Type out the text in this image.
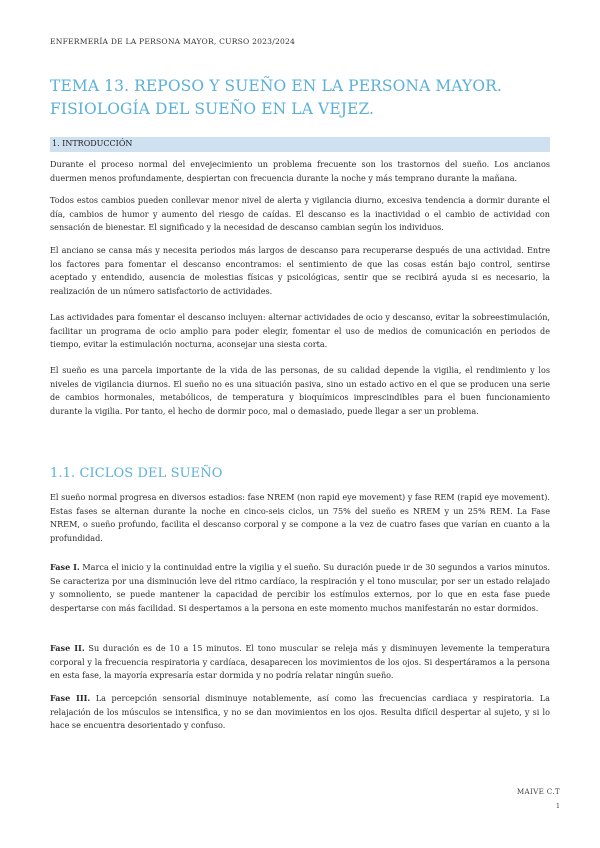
ENFERMERÍA DE LA PERSONA MAYOR, CURSO 2023/2024
TEMA 13. REPOSO Y SUEÑO EN LA PERSONA MAYOR. FISIOLOGÍA DEL SUEÑO EN LA VEJEZ.
1. INTRODUCCIÓN

Durante el proceso normal del envejecimiento un problema frecuente son los trastornos del sueño. Los ancianos duermen menos profundamente, despiertan con frecuencia durante la noche y más temprano durante la mañana.

Todos estos cambios pueden conllevar menor nivel de alerta y vigilancia diurno, excesiva tendencia a dormir durante el día, cambios de humor y aumento del riesgo de caídas. El descanso es la inactividad o el cambio de actividad con sensación de bienestar. El significado y la necesidad de descanso cambian según los individuos.

El anciano se cansa más y necesita periodos más largos de descanso para recuperarse después de una actividad. Entre los factores para fomentar el descanso encontramos: el sentimiento de que las cosas están bajo control, sentirse aceptado y entendido, ausencia de molestias físicas y psicológicas, sentir que se recibirá ayuda si es necesario, la realización de un número satisfactorio de actividades.

Las actividades para fomentar el descanso incluyen: alternar actividades de ocio y descanso, evitar la sobreestimulación, facilitar un programa de ocio amplio para poder elegir, fomentar el uso de medios de comunicación en periodos de tiempo, evitar la estimulación nocturna, aconsejar una siesta corta.

El sueño es una parcela importante de la vida de las personas, de su calidad depende la vigilia, el rendimiento y los niveles de vigilancia diurnos. El sueño no es una situación pasiva, sino un estado activo en el que se producen una serie de cambios hormonales, metabólicos, de temperatura y bioquímicos imprescindibles para el buen funcionamiento durante la vigilia. Por tanto, el hecho de dormir poco, mal o demasiado, puede llegar a ser un problema.

1.1. CICLOS DEL SUEÑO

El sueño normal progresa en diversos estadios: fase NREM (non rapid eye movement) y fase REM (rapid eye movement). Estas fases se alternan durante la noche en cinco-seis ciclos, un 75% del sueño es NREM y un 25% REM. La Fase NREM, o sueño profundo, facilita el descanso corporal y se compone a la vez de cuatro fases que varían en cuanto a la profundidad.

Fase I. Marca el inicio y la continuidad entre la vigilia y el sueño. Su duración puede ir de 30 segundos a varios minutos. Se caracteriza por una disminución leve del ritmo cardíaco, la respiración y el tono muscular, por ser un estado relajado y somnoliento, se puede mantener la capacidad de percibir los estímulos externos, por lo que en esta fase puede despertarse con más facilidad. Si despertamos a la persona en este momento muchos manifestarán no estar dormidos.

Fase II. Su duración es de 10 a 15 minutos. El tono muscular se releja más y disminuyen levemente la temperatura corporal y la frecuencia respiratoria y cardíaca, desaparecen los movimientos de los ojos. Si despertáramos a la persona en esta fase, la mayoría expresaría estar dormida y no podría relatar ningún sueño.

Fase III. La percepción sensorial disminuye notablemente, así como las frecuencias cardiaca y respiratoria. La relajación de los músculos se intensifica, y no se dan movimientos en los ojos. Resulta difícil despertar al sujeto, y si lo hace se encuentra desorientado y confuso.

MAIVE C.T
1
